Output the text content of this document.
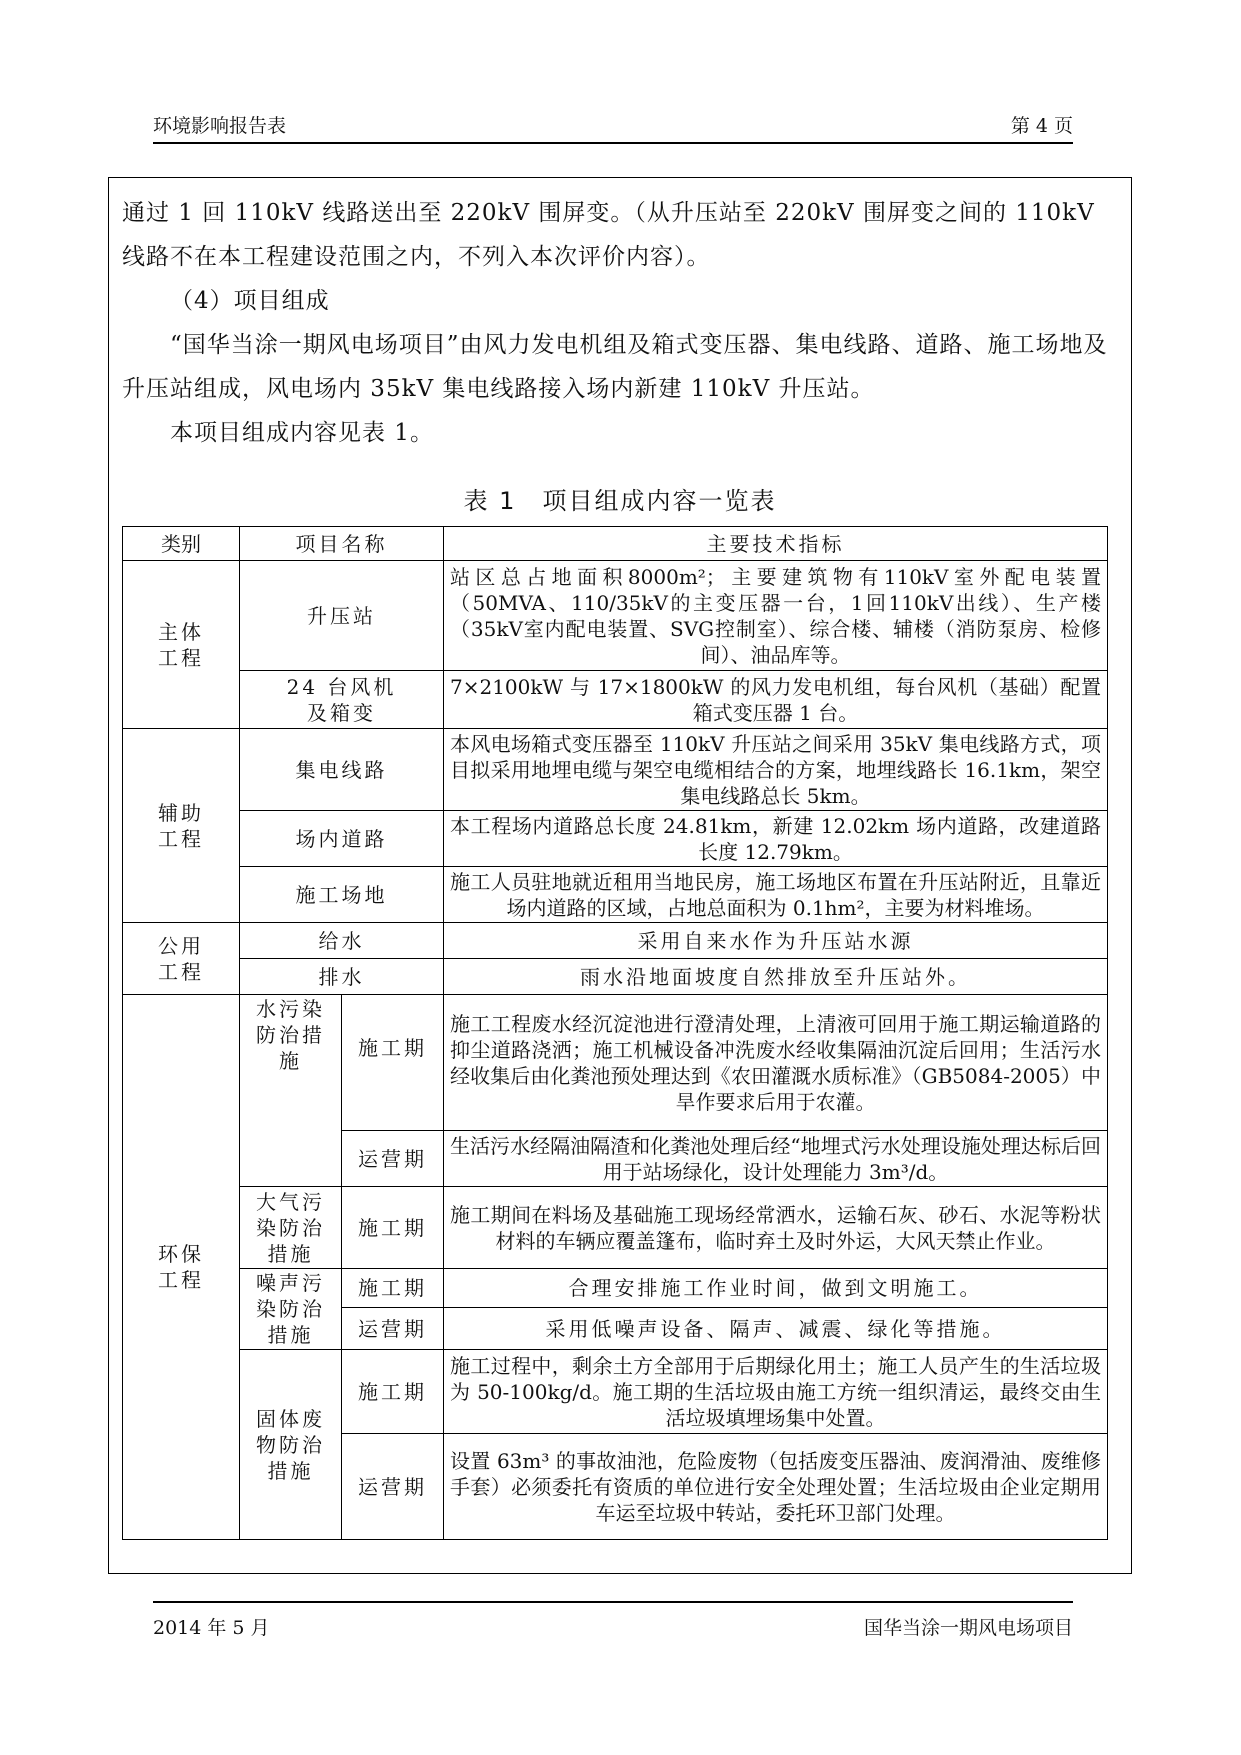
环境影响报告表	第 4 页

通过 1 回 110kV 线路送出至 220kV 围屏变。（从升压站至 220kV 围屏变之间的 110kV 线路不在本工程建设范围之内，不列入本次评价内容）。

（4）项目组成

“国华当涂一期风电场项目”由风力发电机组及箱式变压器、集电线路、道路、施工场地及升压站组成，风电场内 35kV 集电线路接入场内新建 110kV 升压站。

本项目组成内容见表 1。

表 1　项目组成内容一览表
类别	项目名称		主要技术指标
主体
工程	升压站		站区总占地面积8000m²；主要建筑物有110kV室外配电装置（50MVA、110/35kV的主变压器一台，1回110kV出线）、生产楼（35kV室内配电装置、SVG控制室）、综合楼、辅楼（消防泵房、检修间）、油品库等。
	24 台风机
及箱变		7×2100kW 与 17×1800kW 的风力发电机组，每台风机（基础）配置箱式变压器 1 台。
辅助
工程	集电线路		本风电场箱式变压器至 110kV 升压站之间采用 35kV 集电线路方式，项目拟采用地埋电缆与架空电缆相结合的方案，地埋线路长 16.1km，架空集电线路总长 5km。
	场内道路		本工程场内道路总长度 24.81km，新建 12.02km 场内道路，改建道路长度 12.79km。
	施工场地		施工人员驻地就近租用当地民房，施工场地区布置在升压站附近，且靠近场内道路的区域，占地总面积为 0.1hm²，主要为材料堆场。
公用
工程	给水		采用自来水作为升压站水源
	排水		雨水沿地面坡度自然排放至升压站外。
环保
工程	水污染
防治措
施	施工期	施工工程废水经沉淀池进行澄清处理，上清液可回用于施工期运输道路的抑尘道路浇洒；施工机械设备冲洗废水经收集隔油沉淀后回用；生活污水经收集后由化粪池预处理达到《农田灌溉水质标准》（GB5084-2005）中旱作要求后用于农灌。
		运营期	生活污水经隔油隔渣和化粪池处理后经“地埋式污水处理设施处理达标后回用于站场绿化，设计处理能力 3m³/d。
	大气污
染防治
措施	施工期	施工期间在料场及基础施工现场经常洒水，运输石灰、砂石、水泥等粉状材料的车辆应覆盖篷布，临时弃土及时外运，大风天禁止作业。
	噪声污
染防治
措施	施工期	合理安排施工作业时间，做到文明施工。
		运营期	采用低噪声设备、隔声、减震、绿化等措施。
	固体废
物防治
措施	施工期	施工过程中，剩余土方全部用于后期绿化用土；施工人员产生的生活垃圾为 50-100kg/d。施工期的生活垃圾由施工方统一组织清运，最终交由生活垃圾填埋场集中处置。
		运营期	设置 63m³ 的事故油池，危险废物（包括废变压器油、废润滑油、废维修手套）必须委托有资质的单位进行安全处理处置；生活垃圾由企业定期用车运至垃圾中转站，委托环卫部门处理。
2014 年 5 月	国华当涂一期风电场项目
